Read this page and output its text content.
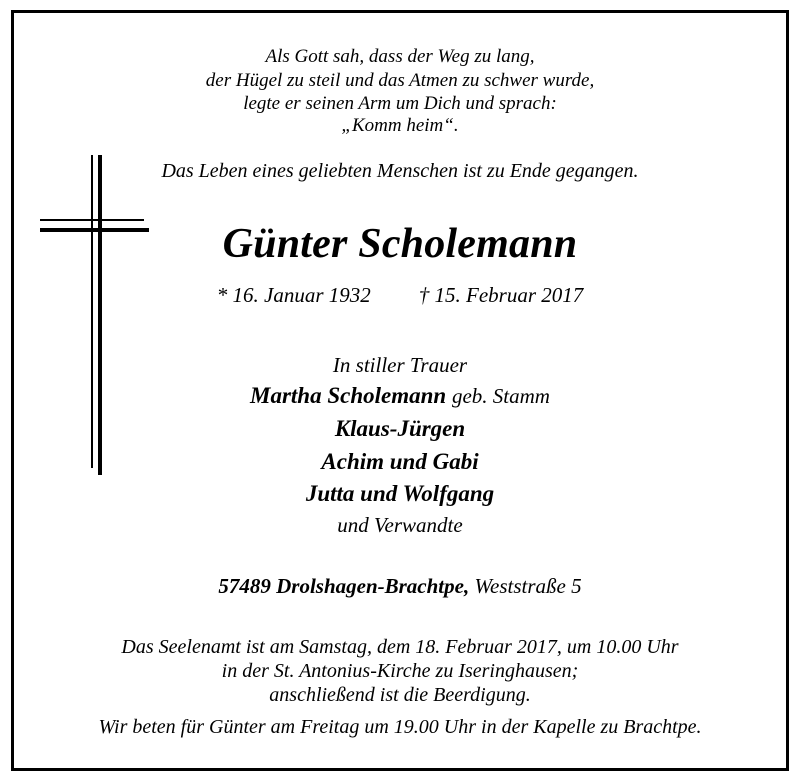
Als Gott sah, dass der Weg zu lang,
der Hügel zu steil und das Atmen zu schwer wurde,
legte er seinen Arm um Dich und sprach:
„Komm heim“.
Das Leben eines geliebten Menschen ist zu Ende gegangen.
Günter Scholemann
* 16. Januar 1932 † 15. Februar 2017
In stiller Trauer
Martha Scholemann geb. Stamm
Klaus-Jürgen
Achim und Gabi
Jutta und Wolfgang
und Verwandte
57489 Drolshagen-Brachtpe, Weststraße 5
Das Seelenamt ist am Samstag, dem 18. Februar 2017, um 10.00 Uhr
in der St. Antonius-Kirche zu Iseringhausen;
anschließend ist die Beerdigung.
Wir beten für Günter am Freitag um 19.00 Uhr in der Kapelle zu Brachtpe.
